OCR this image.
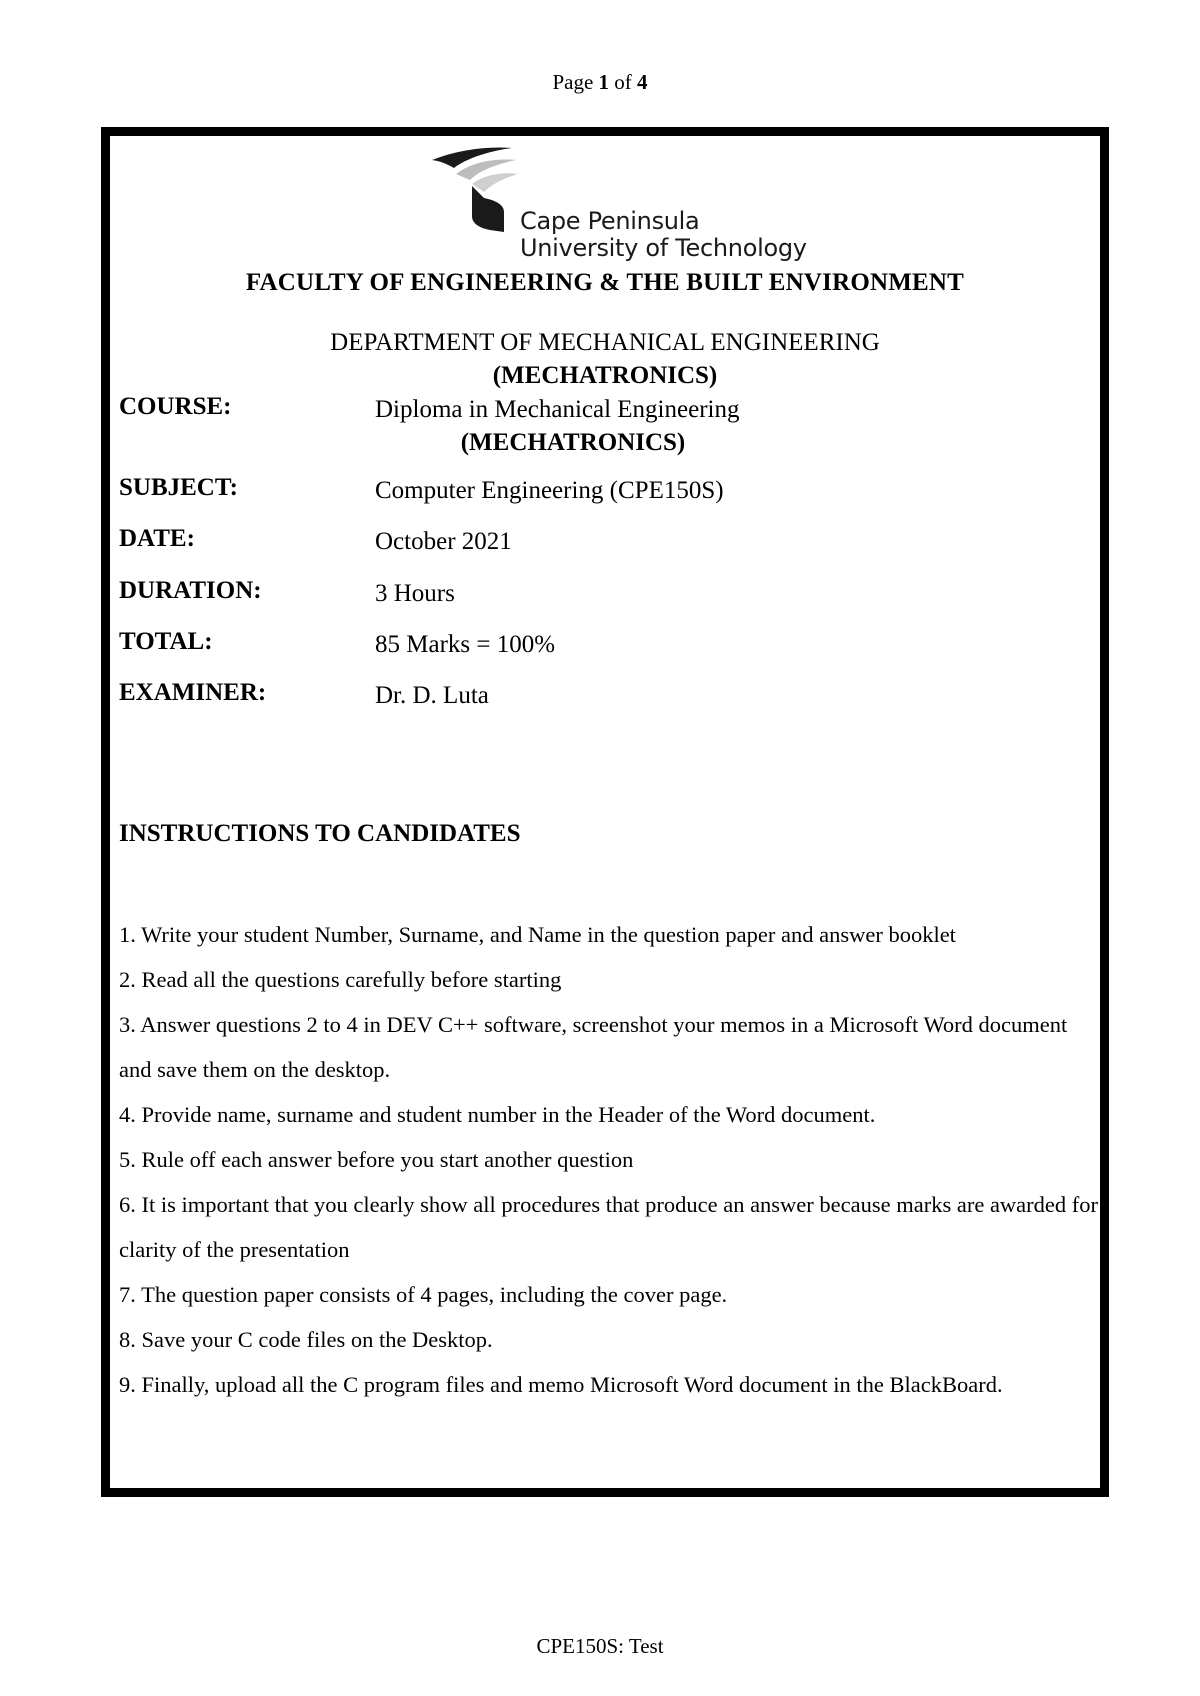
Page 1 of 4
Cape Peninsula
University of Technology
FACULTY OF ENGINEERING & THE BUILT ENVIRONMENT
DEPARTMENT OF MECHANICAL ENGINEERING
(MECHATRONICS)
COURSE:	Diploma in Mechanical Engineering
(MECHATRONICS)
SUBJECT:	Computer Engineering (CPE150S)
DATE:	October 2021
DURATION:	3 Hours
TOTAL:	85 Marks = 100%
EXAMINER:	Dr. D. Luta
INSTRUCTIONS TO CANDIDATES
1. Write your student Number, Surname, and Name in the question paper and answer booklet
2. Read all the questions carefully before starting
3. Answer questions 2 to 4 in DEV C++ software, screenshot your memos in a Microsoft Word document and save them on the desktop.
4. Provide name, surname and student number in the Header of the Word document.
5. Rule off each answer before you start another question
6. It is important that you clearly show all procedures that produce an answer because marks are awarded for clarity of the presentation
7. The question paper consists of 4 pages, including the cover page.
8. Save your C code files on the Desktop.
9. Finally, upload all the C program files and memo Microsoft Word document in the BlackBoard.
CPE150S: Test
